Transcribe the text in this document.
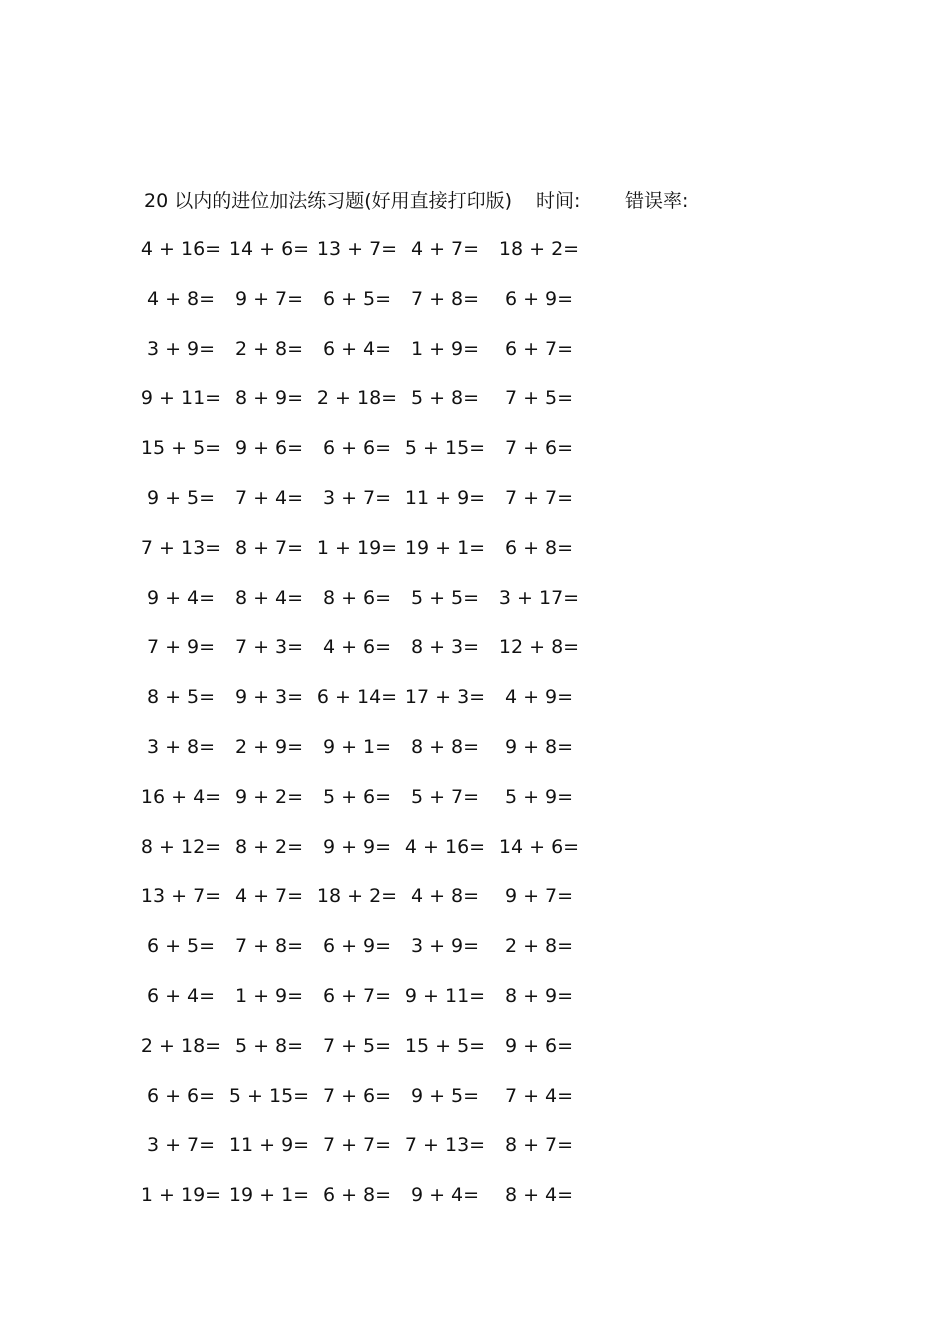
20 以内的进位加法练习题(好用直接打印版) 时间: 错误率:
4 + 16= 14 + 6= 13 + 7= 4 + 7=	18 + 2=
4 + 8=	9 + 7=	6 + 5=	7 + 8=	6 + 9=
3 + 9=	2 + 8=	6 + 4=	1 + 9=	6 + 7=
9 + 11= 8 + 9= 2 + 18= 5 + 8=	7 + 5=
15 + 5= 9 + 6=	6 + 6= 5 + 15=	7 + 6=
9 + 5=	7 + 4=	3 + 7= 11 + 9=	7 + 7=
7 + 13= 8 + 7= 1 + 19= 19 + 1=	6 + 8=
9 + 4=	8 + 4=	8 + 6=	5 + 5=	3 + 17=
7 + 9=	7 + 3=	4 + 6=	8 + 3=	12 + 8=
8 + 5=	9 + 3= 6 + 14= 17 + 3=	4 + 9=
3 + 8=	2 + 9=	9 + 1=	8 + 8=	9 + 8=
16 + 4= 9 + 2=	5 + 6=	5 + 7=	5 + 9=
8 + 12= 8 + 2=	9 + 9= 4 + 16= 14 + 6=
13 + 7= 4 + 7= 18 + 2= 4 + 8=	9 + 7=
6 + 5=	7 + 8=	6 + 9=	3 + 9=	2 + 8=
6 + 4=	1 + 9=	6 + 7= 9 + 11=	8 + 9=
2 + 18= 5 + 8=	7 + 5= 15 + 5=	9 + 6=
6 + 6= 5 + 15= 7 + 6=	9 + 5=	7 + 4=
3 + 7= 11 + 9= 7 + 7= 7 + 13=	8 + 7=
1 + 19= 19 + 1= 6 + 8=	9 + 4=	8 + 4=
